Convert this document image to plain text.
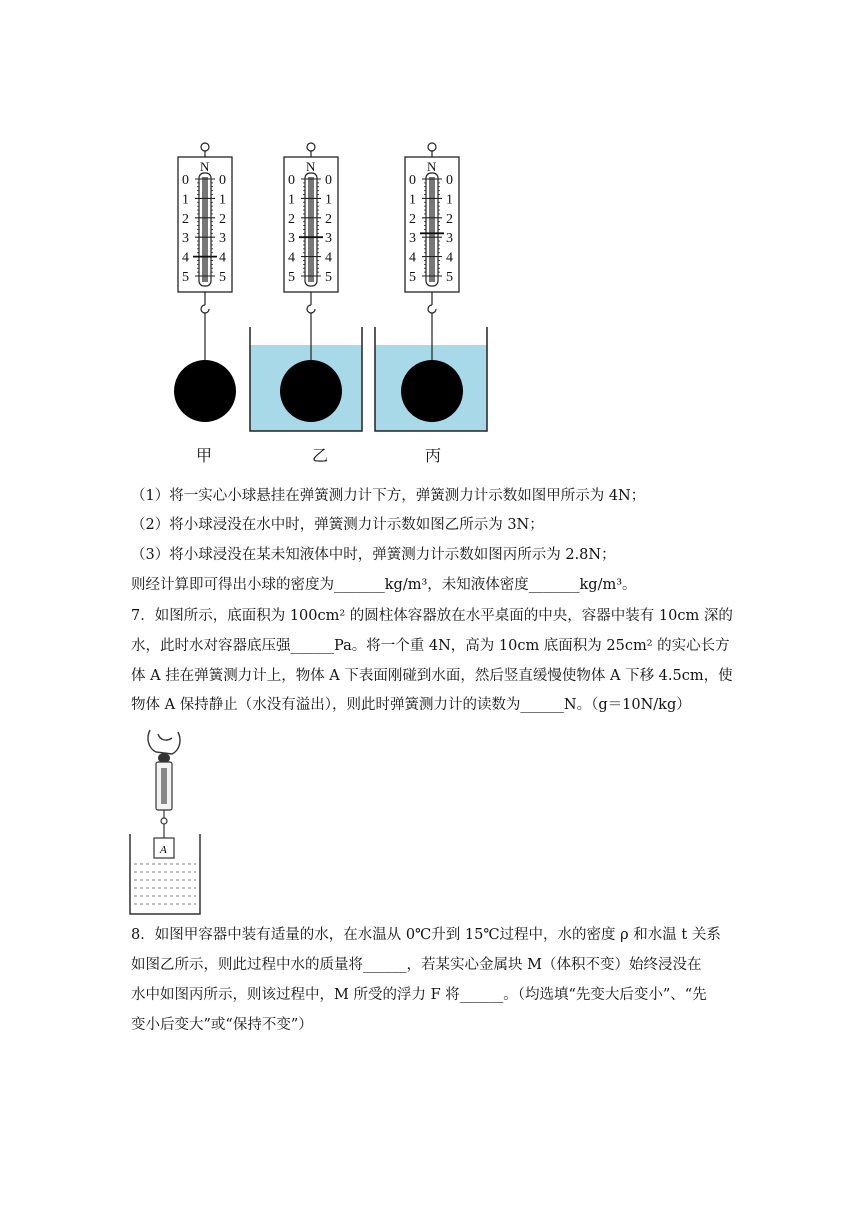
N
0 0
1 1
2 2
3 3
4 4
5 5
N
0 0
1 1
2 2
3 3
4 4
5 5
N
0 0
1 1
2 2
3 3
4 4
5 5
甲	乙	丙
（1）将一实心小球悬挂在弹簧测力计下方，弹簧测力计示数如图甲所示为 4N；
（2）将小球浸没在水中时，弹簧测力计示数如图乙所示为 3N；
（3）将小球浸没在某未知液体中时，弹簧测力计示数如图丙所示为 2.8N；
则经计算即可得出小球的密度为_______kg/m³，未知液体密度_______kg/m³。
7．如图所示，底面积为 100cm² 的圆柱体容器放在水平桌面的中央，容器中装有 10cm 深的
水，此时水对容器底压强______Pa。将一个重 4N，高为 10cm 底面积为 25cm² 的实心长方
体 A 挂在弹簧测力计上，物体 A 下表面刚碰到水面，然后竖直缓慢使物体 A 下移 4.5cm，使
物体 A 保持静止（水没有溢出），则此时弹簧测力计的读数为______N。（g＝10N/kg）
A
8．如图甲容器中装有适量的水，在水温从 0℃升到 15℃过程中，水的密度 ρ 和水温 t 关系
如图乙所示，则此过程中水的质量将______，若某实心金属块 M（体积不变）始终浸没在
水中如图丙所示，则该过程中，M 所受的浮力 F 将______。（均选填“先变大后变小”、“先
变小后变大”或“保持不变”）
